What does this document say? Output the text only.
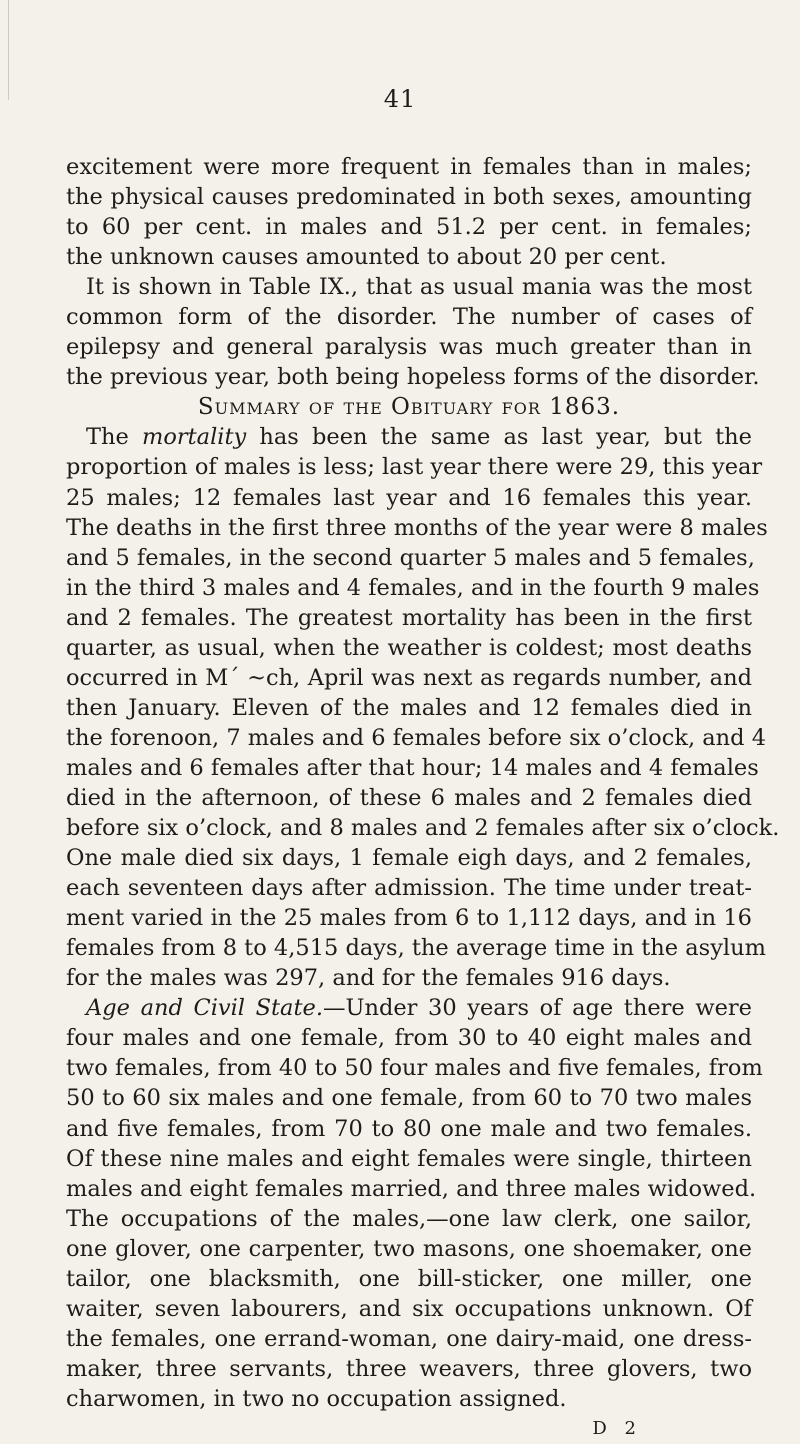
41
excitement were more frequent in females than in males;
the physical causes predominated in both sexes, amounting
to 60 per cent. in males and 51.2 per cent. in females;
the unknown causes amounted to about 20 per cent.
It is shown in Table IX., that as usual mania was the most
common form of the disorder. The number of cases of
epilepsy and general paralysis was much greater than in
the previous year, both being hopeless forms of the disorder.
Summary of the Obituary for 1863.
The mortality has been the same as last year, but the
proportion of males is less; last year there were 29, this year
25 males; 12 females last year and 16 females this year.
The deaths in the first three months of the year were 8 males
and 5 females, in the second quarter 5 males and 5 females,
in the third 3 males and 4 females, and in the fourth 9 males
and 2 females. The greatest mortality has been in the first
quarter, as usual, when the weather is coldest; most deaths
occurred in M´ ~ch, April was next as regards number, and
then January. Eleven of the males and 12 females died in
the forenoon, 7 males and 6 females before six o’clock, and 4
males and 6 females after that hour; 14 males and 4 females
died in the afternoon, of these 6 males and 2 females died
before six o’clock, and 8 males and 2 females after six o’clock.
One male died six days, 1 female eigh days, and 2 females,
each seventeen days after admission. The time under treat-
ment varied in the 25 males from 6 to 1,112 days, and in 16
females from 8 to 4,515 days, the average time in the asylum
for the males was 297, and for the females 916 days.
Age and Civil State.—Under 30 years of age there were
four males and one female, from 30 to 40 eight males and
two females, from 40 to 50 four males and five females, from
50 to 60 six males and one female, from 60 to 70 two males
and five females, from 70 to 80 one male and two females.
Of these nine males and eight females were single, thirteen
males and eight females married, and three males widowed.
The occupations of the males,—one law clerk, one sailor,
one glover, one carpenter, two masons, one shoemaker, one
tailor, one blacksmith, one bill-sticker, one miller, one
waiter, seven labourers, and six occupations unknown. Of
the females, one errand-woman, one dairy-maid, one dress-
maker, three servants, three weavers, three glovers, two
charwomen, in two no occupation assigned.
D 2
